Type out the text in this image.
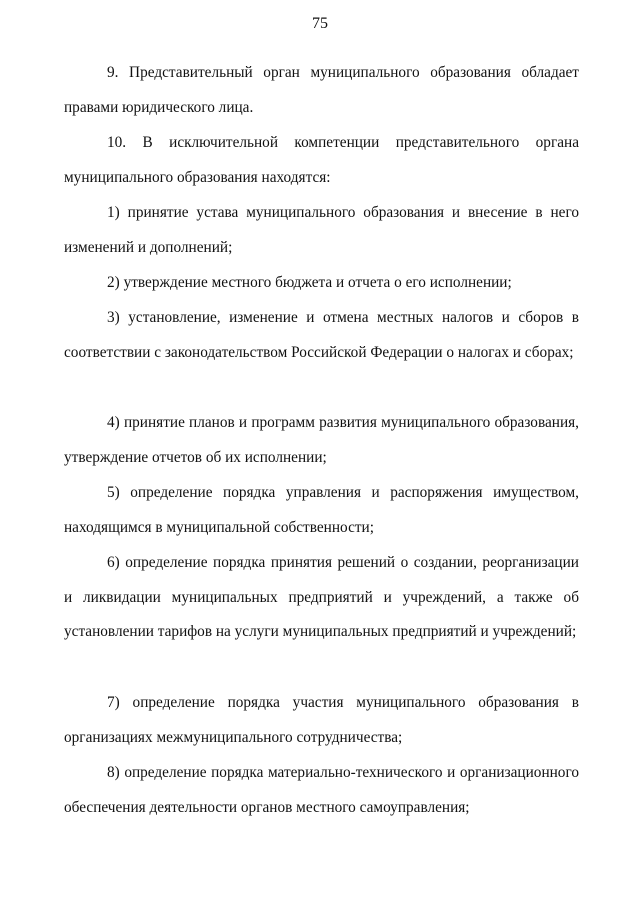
75

9. Представительный орган муниципального образования обладает правами юридического лица.

10. В исключительной компетенции представительного органа муниципального образования находятся:

1) принятие устава муниципального образования и внесение в него изменений и дополнений;

2) утверждение местного бюджета и отчета о его исполнении;

3) установление, изменение и отмена местных налогов и сборов в соответствии с законодательством Российской Федерации о налогах и сборах;

4) принятие планов и программ развития муниципального образования, утверждение отчетов об их исполнении;

5) определение порядка управления и распоряжения имуществом, находящимся в муниципальной собственности;

6) определение порядка принятия решений о создании, реорганизации и ликвидации муниципальных предприятий и учреждений, а также об установлении тарифов на услуги муниципальных предприятий и учреждений;

7) определение порядка участия муниципального образования в организациях межмуниципального сотрудничества;

8) определение порядка материально-технического и организационного обеспечения деятельности органов местного самоуправления;
